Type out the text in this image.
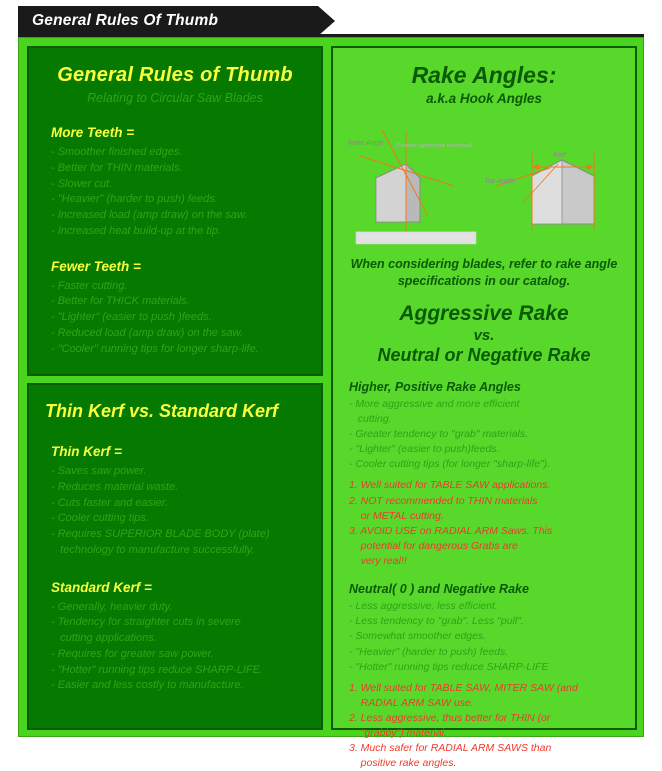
General Rules Of Thumb
General Rules of Thumb
Relating to Circular Saw Blades
More Teeth =
- Smoother finished edges.
- Better for THIN materials.
- Slower cut.
- "Heavier" (harder to push) feeds.
- Increased load (amp draw) on the saw.
- Increased heat build-up at the tip.
Fewer Teeth =
- Faster cutting.
- Better for THICK materials.
- "Lighter" (easier to push )feeds.
- Reduced load (amp draw) on the saw.
- "Cooler" running tips for longer sharp-life.
Thin Kerf vs. Standard Kerf
Thin Kerf =
- Saves saw power.
- Reduces material waste.
- Cuts faster and easier.
- Cooler cutting tips.
- Requires SUPERIOR BLADE BODY (plate)
technology to manufacture successfully.
Standard Kerf =
- Generally, heavier duty.
- Tendency for straighter cuts in severe
cutting applications.
- Requires for greater saw power.
- "Hotter" running tips reduce SHARP-LIFE.
- Easier and less costly to manufacture.
Rake Angles:
a.k.a Hook Angles
Rake Angle (Positive aggressive described)
Top Angle
Kerf
When considering blades, refer to rake angle specifications in our catalog.
Aggressive Rake
vs.
Neutral or Negative Rake
Higher, Positive Rake Angles
- More aggressive and more efficient
cutting.
- Greater tendency to "grab" materials.
- "Lighter" (easier to push)feeds.
- Cooler cutting tips (for longer "sharp-life").
1. Well suited for TABLE SAW applications.
2. NOT recommended to THIN materials
or METAL cutting.
3. AVOID USE on RADIAL ARM Saws. This
potential for dangerous Grabs are
very real!!
Neutral( 0 ) and Negative Rake
- Less aggressive, less efficient.
- Less tendency to "grab". Less "pull".
- Somewhat smoother edges.
- "Heavier" (harder to push) feeds.
- "Hotter" running tips reduce SHARP-LIFE
1. Well suited for TABLE SAW, MITER SAW (and
RADIAL ARM SAW use.
2. Less aggressive, thus better for THIN (or
"grabby") material.
3. Much safer for RADIAL ARM SAWS than
positive rake angles.
